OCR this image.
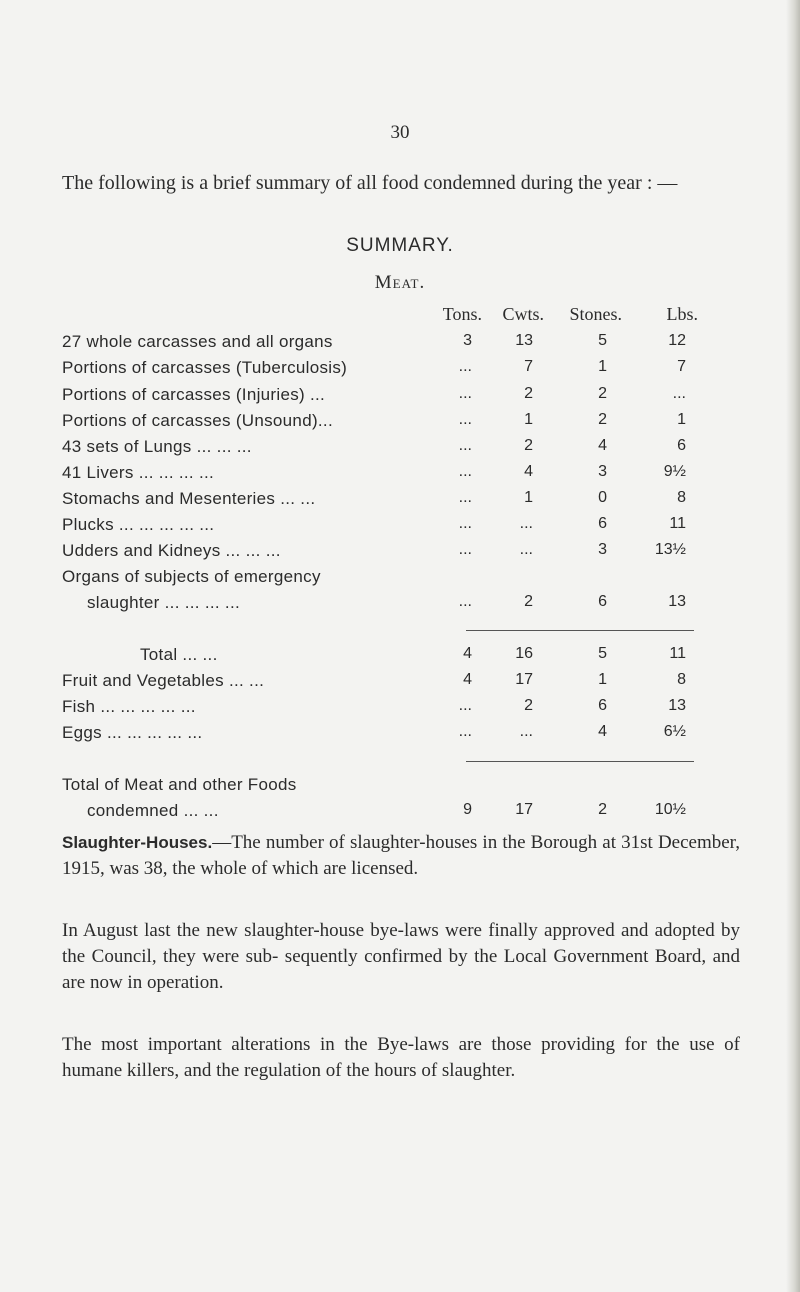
30
The following is a brief summary of all food condemned during the year : —
SUMMARY.
Meat.
Tons.	Cwts.	Stones.	Lbs.
27 whole carcasses and all organs	3	13	5	12
Portions of carcasses (Tuberculosis)	...	7	1	7
Portions of carcasses (Injuries) ...	...	2	2	...
Portions of carcasses (Unsound)...	...	1	2	1
43 sets of Lungs ... ... ...	...	2	4	6
41 Livers ... ... ... ...	...	4	3	9½
Stomachs and Mesenteries ... ...	...	1	0	8
Plucks ... ... ... ... ...	...	...	6	11
Udders and Kidneys ... ... ...	...	...	3	13½
Organs of subjects of emergency
slaughter ... ... ... ...	...	2	6	13
Total ... ...	4	16	5	11
Fruit and Vegetables ... ...	4	17	1	8
Fish ... ... ... ... ...	...	2	6	13
Eggs ... ... ... ... ...	...	...	4	6½
Total of Meat and other Foods
condemned ... ...	9	17	2	10½
Slaughter-Houses.—The number of slaughter-houses in the Borough at 31st December, 1915, was 38, the whole of which are licensed.
In August last the new slaughter-house bye-laws were finally approved and adopted by the Council, they were sub- sequently confirmed by the Local Government Board, and are now in operation.
The most important alterations in the Bye-laws are those providing for the use of humane killers, and the regulation of the hours of slaughter.
